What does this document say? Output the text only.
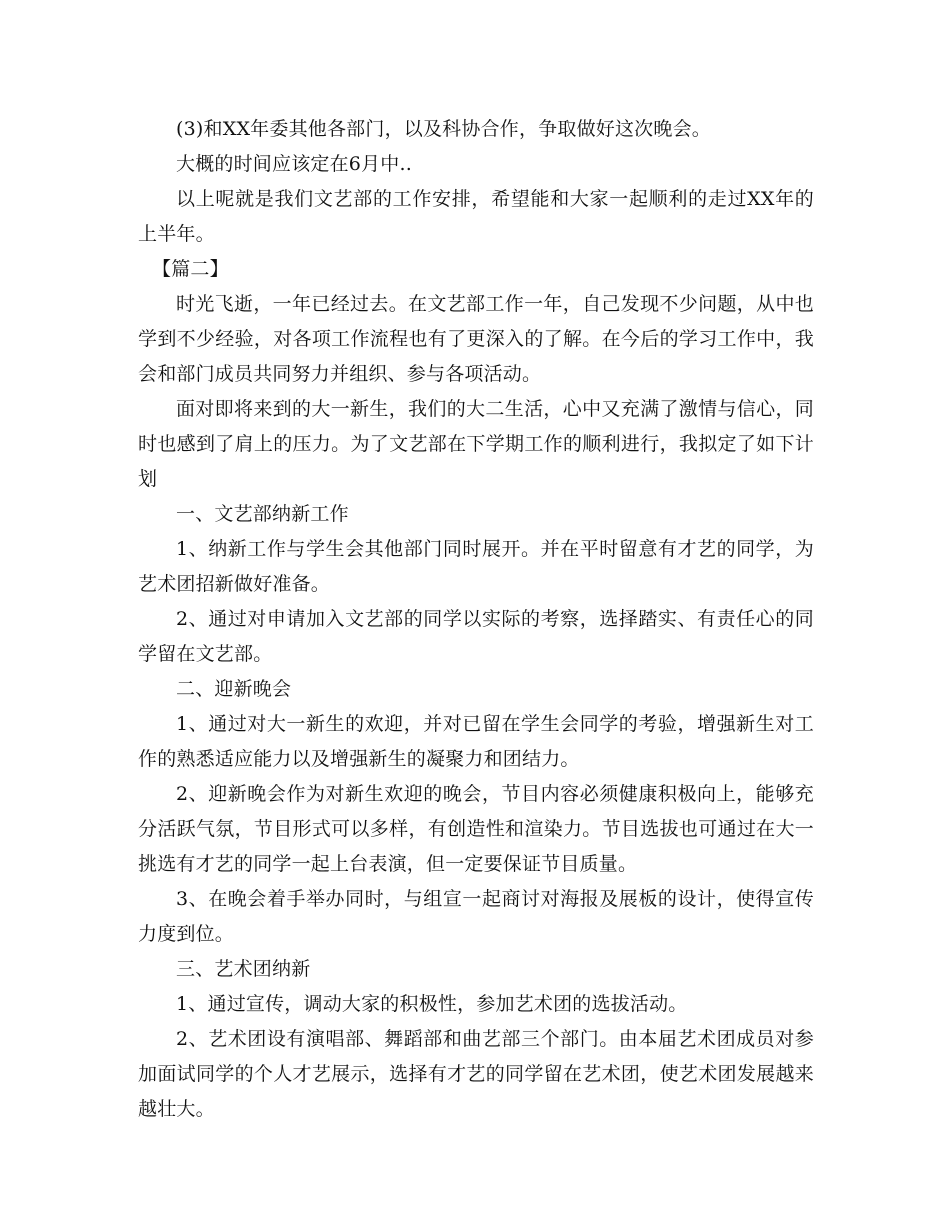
(3)和XX年委其他各部门，以及科协合作，争取做好这次晚会。

大概的时间应该定在6月中..

以上呢就是我们文艺部的工作安排，希望能和大家一起顺利的走过XX年的上半年。

【篇二】

时光飞逝，一年已经过去。在文艺部工作一年，自己发现不少问题，从中也学到不少经验，对各项工作流程也有了更深入的了解。在今后的学习工作中，我会和部门成员共同努力并组织、参与各项活动。

面对即将来到的大一新生，我们的大二生活，心中又充满了激情与信心，同时也感到了肩上的压力。为了文艺部在下学期工作的顺利进行，我拟定了如下计划

一、文艺部纳新工作

1、纳新工作与学生会其他部门同时展开。并在平时留意有才艺的同学，为艺术团招新做好准备。

2、通过对申请加入文艺部的同学以实际的考察，选择踏实、有责任心的同学留在文艺部。

二、迎新晚会

1、通过对大一新生的欢迎，并对已留在学生会同学的考验，增强新生对工作的熟悉适应能力以及增强新生的凝聚力和团结力。

2、迎新晚会作为对新生欢迎的晚会，节目内容必须健康积极向上，能够充分活跃气氛，节目形式可以多样，有创造性和渲染力。节目选拔也可通过在大一挑选有才艺的同学一起上台表演，但一定要保证节目质量。

3、在晚会着手举办同时，与组宣一起商讨对海报及展板的设计，使得宣传力度到位。

三、艺术团纳新

1、通过宣传，调动大家的积极性，参加艺术团的选拔活动。

2、艺术团设有演唱部、舞蹈部和曲艺部三个部门。由本届艺术团成员对参加面试同学的个人才艺展示，选择有才艺的同学留在艺术团，使艺术团发展越来越壮大。
